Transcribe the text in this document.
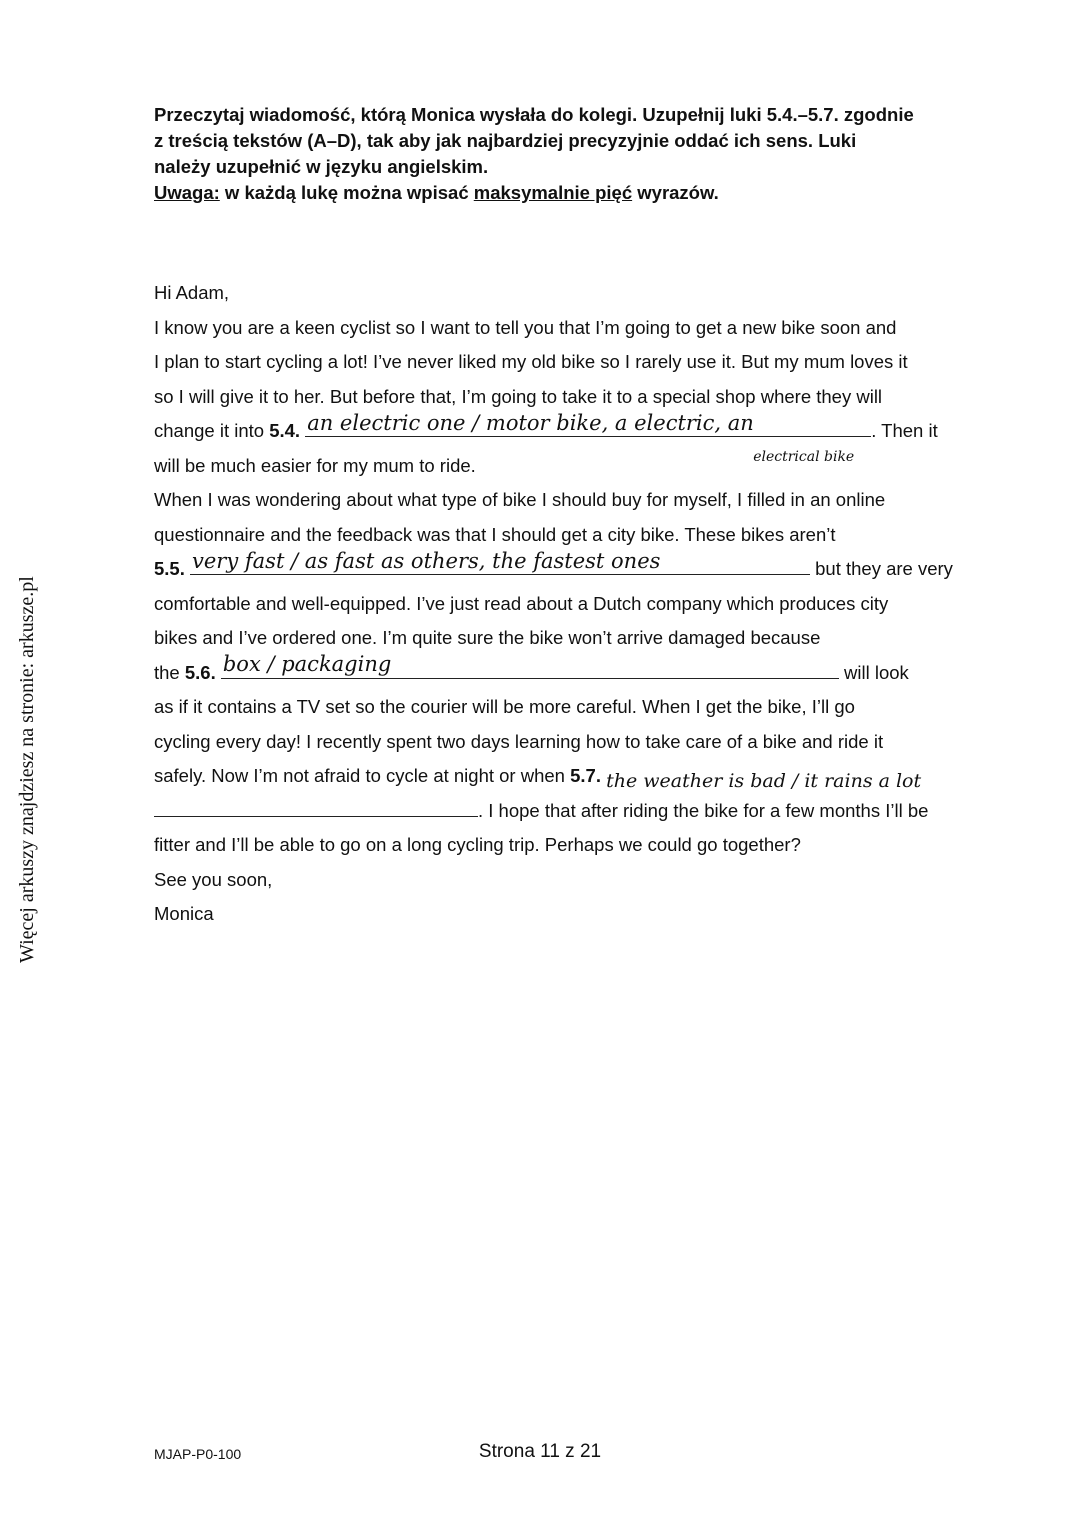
Więcej arkuszy znajdziesz na stronie: arkusze.pl

Przeczytaj wiadomość, którą Monica wysłała do kolegi. Uzupełnij luki 5.4.–5.7. zgodnie

z treścią tekstów (A–D), tak aby jak najbardziej precyzyjnie oddać ich sens. Luki

należy uzupełnić w języku angielskim.

Uwaga: w każdą lukę można wpisać maksymalnie pięć wyrazów.

Hi Adam,
I know you are a keen cyclist so I want to tell you that I’m going to get a new bike soon and
I plan to start cycling a lot! I’ve never liked my old bike so I rarely use it. But my mum loves it
so I will give it to her. But before that, I’m going to take it to a special shop where they will
change it into 5.4. an electric one / motor bike, a electric, an
electrical bike
. Then it
will be much easier for my mum to ride.
When I was wondering about what type of bike I should buy for myself, I filled in an online
questionnaire and the feedback was that I should get a city bike. These bikes aren’t
5.5. very fast / as fast as others, the fastest ones	but they are very
comfortable and well-equipped. I’ve just read about a Dutch company which produces city
bikes and I’ve ordered one. I’m quite sure the bike won’t arrive damaged because
the 5.6. box / packaging	will look
as if it contains a TV set so the courier will be more careful. When I get the bike, I’ll go
cycling every day! I recently spent two days learning how to take care of a bike and ride it
safely. Now I’m not afraid to cycle at night or when 5.7. the weather is bad / it rains a lot
. I hope that after riding the bike for a few months I’ll be
fitter and I’ll be able to go on a long cycling trip. Perhaps we could go together?
See you soon,
Monica
MJAP-P0-100	Strona 11 z 21
